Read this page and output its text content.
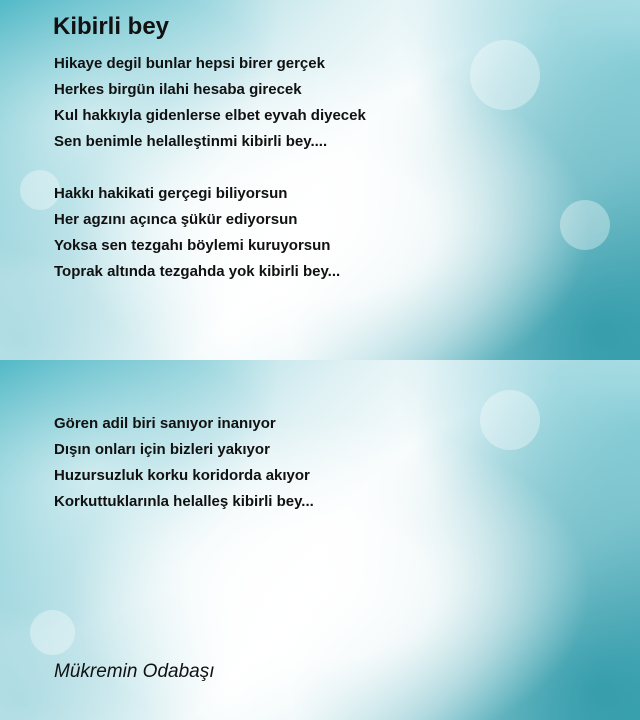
Kibirli bey
Hikaye degil bunlar hepsi birer gerçek
Herkes birgün ilahi hesaba girecek
Kul hakkıyla gidenlerse elbet eyvah diyecek
Sen benimle helalleştinmi kibirli bey....
Hakkı hakikati gerçegi biliyorsun
Her agzını açınca şükür ediyorsun
Yoksa sen tezgahı böylemi kuruyorsun
Toprak altında tezgahda yok kibirli bey...
Gören adil biri sanıyor inanıyor
Dışın onları için bizleri yakıyor
Huzursuzluk korku koridorda akıyor
Korkuttuklarınla helalleş kibirli bey...
Mükremin Odabaşı
